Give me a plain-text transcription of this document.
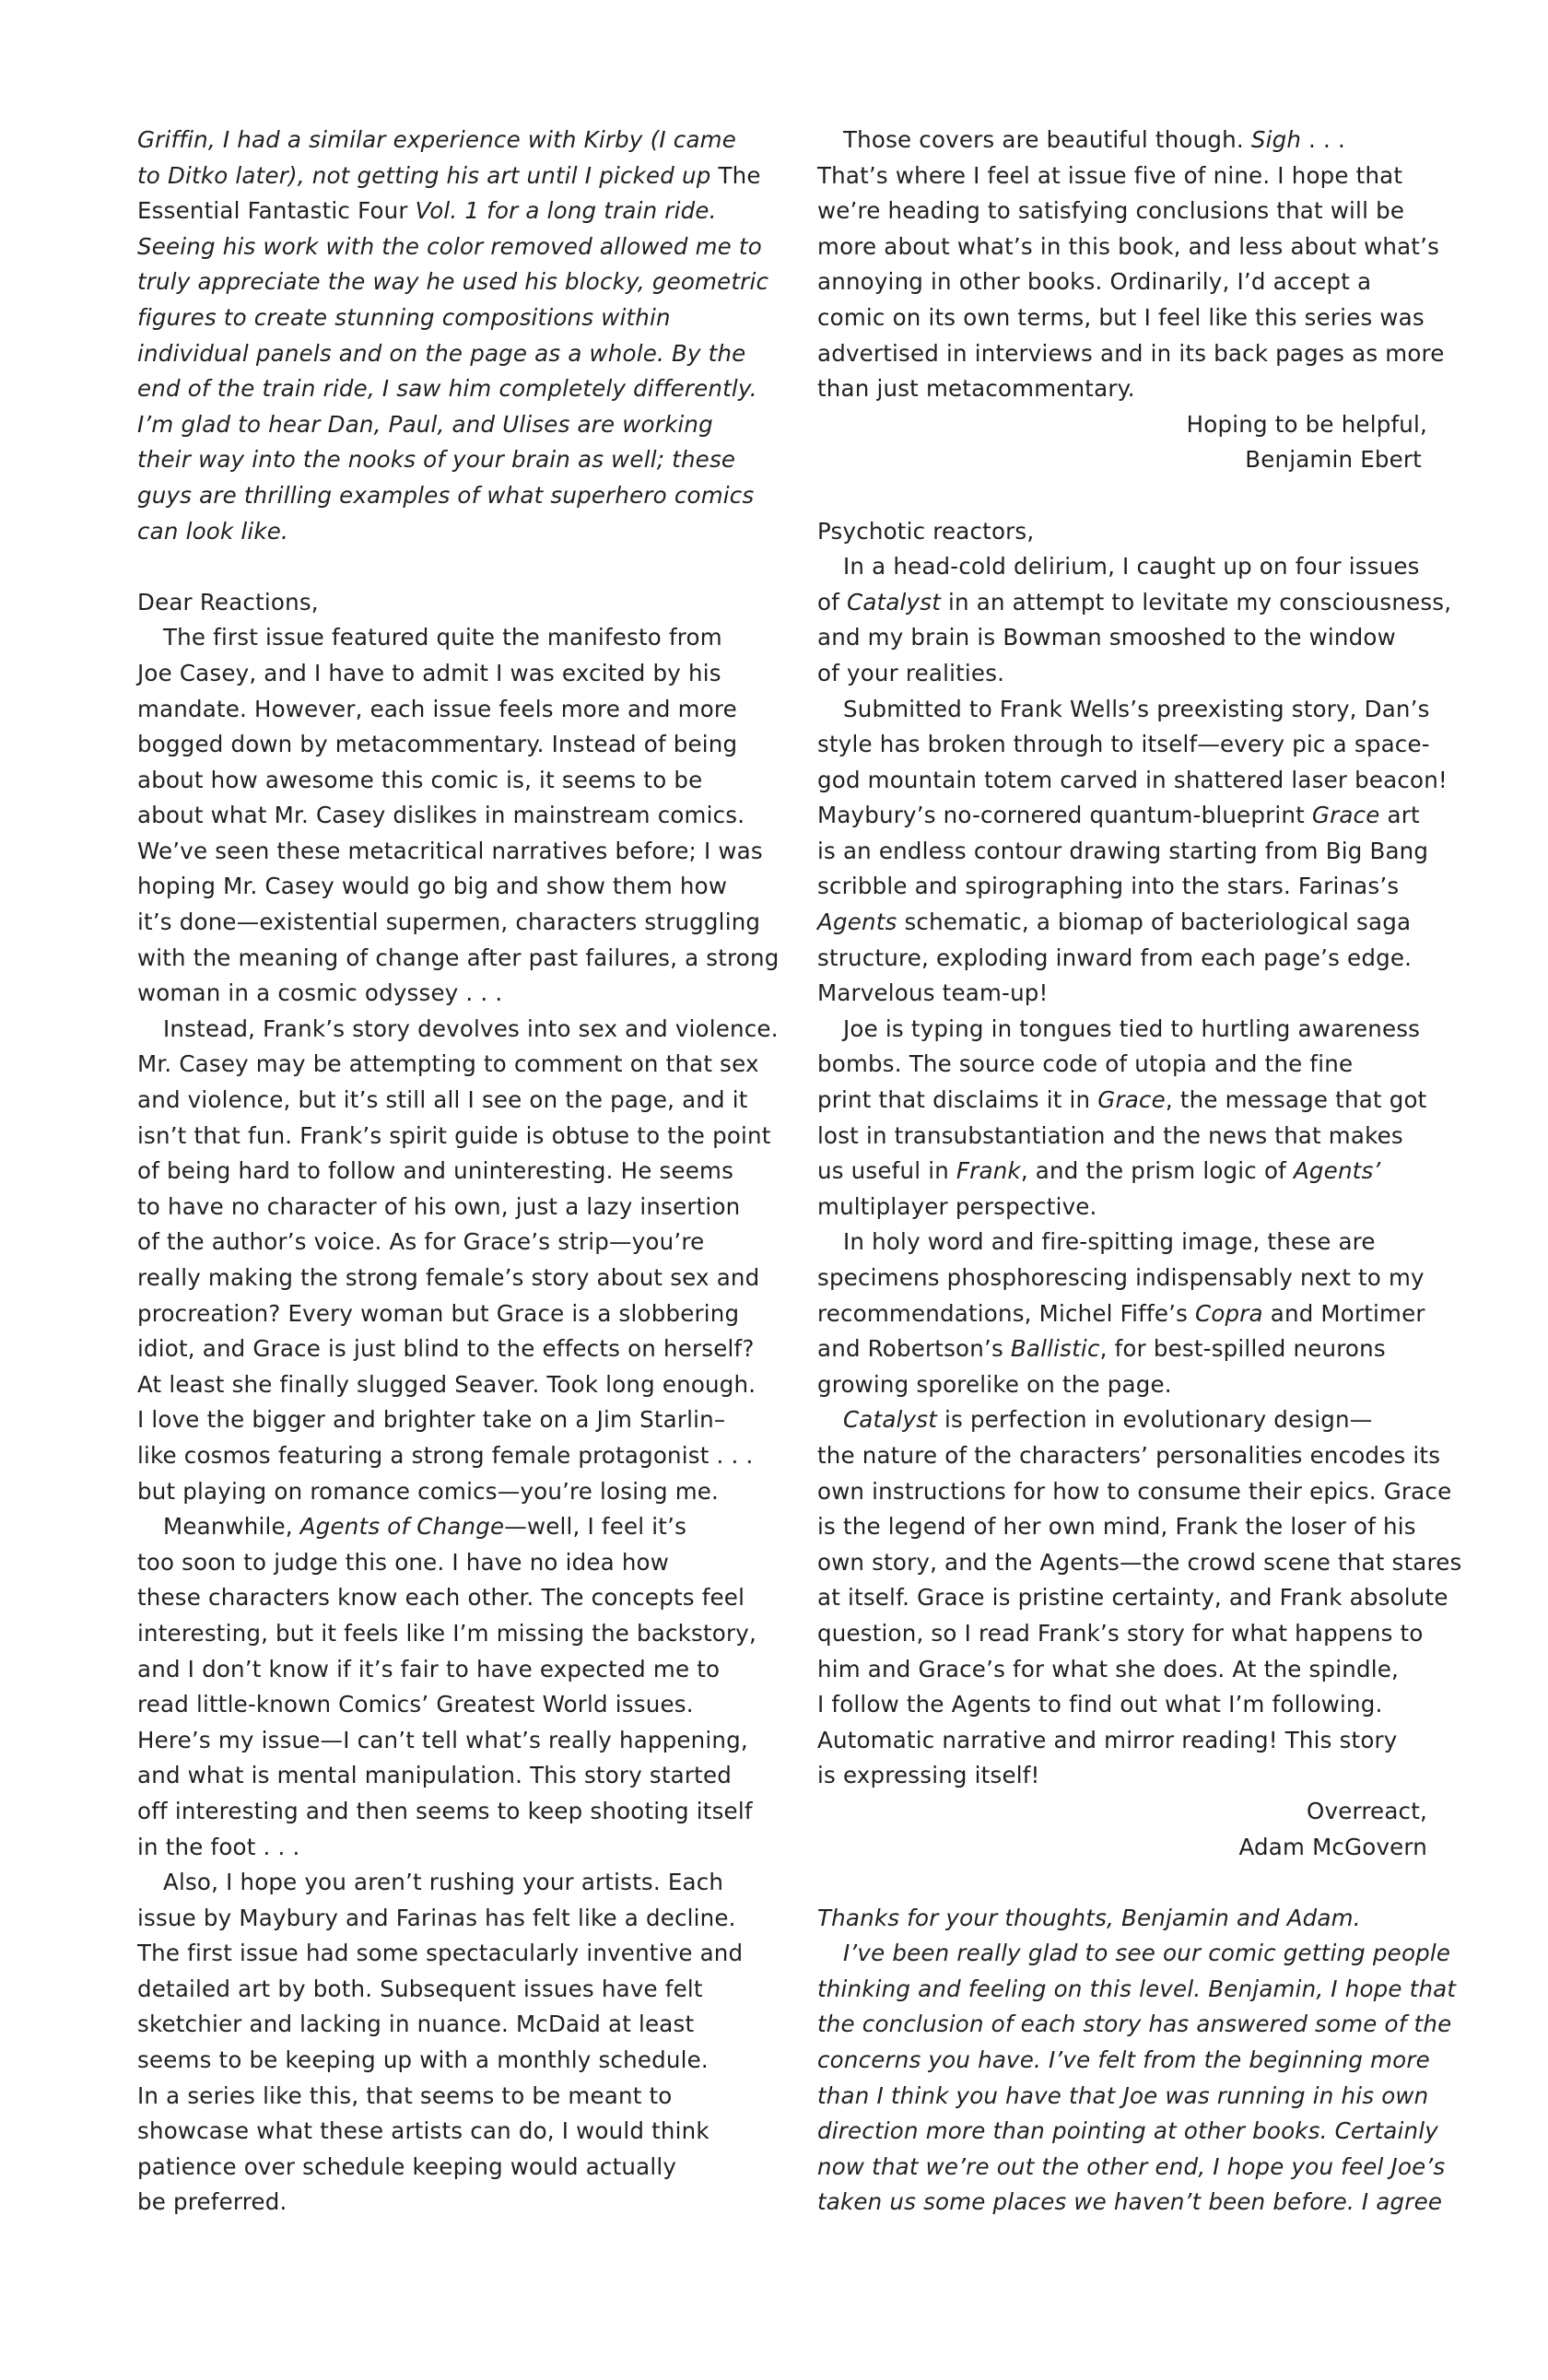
Griffin, I had a similar experience with Kirby (I came
to Ditko later), not getting his art until I picked up The
Essential Fantastic Four Vol. 1 for a long train ride.
Seeing his work with the color removed allowed me to
truly appreciate the way he used his blocky, geometric
figures to create stunning compositions within
individual panels and on the page as a whole. By the
end of the train ride, I saw him completely differently.
I’m glad to hear Dan, Paul, and Ulises are working
their way into the nooks of your brain as well; these
guys are thrilling examples of what superhero comics
can look like.

Dear Reactions,

The first issue featured quite the manifesto from
Joe Casey, and I have to admit I was excited by his
mandate. However, each issue feels more and more
bogged down by metacommentary. Instead of being
about how awesome this comic is, it seems to be
about what Mr. Casey dislikes in mainstream comics.
We’ve seen these metacritical narratives before; I was
hoping Mr. Casey would go big and show them how
it’s done—existential supermen, characters struggling
with the meaning of change after past failures, a strong
woman in a cosmic odyssey . . .

Instead, Frank’s story devolves into sex and violence.
Mr. Casey may be attempting to comment on that sex
and violence, but it’s still all I see on the page, and it
isn’t that fun. Frank’s spirit guide is obtuse to the point
of being hard to follow and uninteresting. He seems
to have no character of his own, just a lazy insertion
of the author’s voice. As for Grace’s strip—you’re
really making the strong female’s story about sex and
procreation? Every woman but Grace is a slobbering
idiot, and Grace is just blind to the effects on herself?
At least she finally slugged Seaver. Took long enough.
I love the bigger and brighter take on a Jim Starlin–
like cosmos featuring a strong female protagonist . . .
but playing on romance comics—you’re losing me.

Meanwhile, Agents of Change—well, I feel it’s
too soon to judge this one. I have no idea how
these characters know each other. The concepts feel
interesting, but it feels like I’m missing the backstory,
and I don’t know if it’s fair to have expected me to
read little-known Comics’ Greatest World issues.
Here’s my issue—I can’t tell what’s really happening,
and what is mental manipulation. This story started
off interesting and then seems to keep shooting itself
in the foot . . .

Also, I hope you aren’t rushing your artists. Each
issue by Maybury and Farinas has felt like a decline.
The first issue had some spectacularly inventive and
detailed art by both. Subsequent issues have felt
sketchier and lacking in nuance. McDaid at least
seems to be keeping up with a monthly schedule.
In a series like this, that seems to be meant to
showcase what these artists can do, I would think
patience over schedule keeping would actually
be preferred.

Those covers are beautiful though. Sigh . . .

That’s where I feel at issue five of nine. I hope that
we’re heading to satisfying conclusions that will be
more about what’s in this book, and less about what’s
annoying in other books. Ordinarily, I’d accept a
comic on its own terms, but I feel like this series was
advertised in interviews and in its back pages as more
than just metacommentary.

Hoping to be helpful,

Benjamin Ebert

Psychotic reactors,

In a head-cold delirium, I caught up on four issues
of Catalyst in an attempt to levitate my consciousness,
and my brain is Bowman smooshed to the window
of your realities.

Submitted to Frank Wells’s preexisting story, Dan’s
style has broken through to itself—every pic a space-
god mountain totem carved in shattered laser beacon!
Maybury’s no-cornered quantum-blueprint Grace art
is an endless contour drawing starting from Big Bang
scribble and spirographing into the stars. Farinas’s
Agents schematic, a biomap of bacteriological saga
structure, exploding inward from each page’s edge.
Marvelous team-up!

Joe is typing in tongues tied to hurtling awareness
bombs. The source code of utopia and the fine
print that disclaims it in Grace, the message that got
lost in transubstantiation and the news that makes
us useful in Frank, and the prism logic of Agents’
multiplayer perspective.

In holy word and fire-spitting image, these are
specimens phosphorescing indispensably next to my
recommendations, Michel Fiffe’s Copra and Mortimer
and Robertson’s Ballistic, for best-spilled neurons
growing sporelike on the page.

Catalyst is perfection in evolutionary design—
the nature of the characters’ personalities encodes its
own instructions for how to consume their epics. Grace
is the legend of her own mind, Frank the loser of his
own story, and the Agents—the crowd scene that stares
at itself. Grace is pristine certainty, and Frank absolute
question, so I read Frank’s story for what happens to
him and Grace’s for what she does. At the spindle,
I follow the Agents to find out what I’m following.
Automatic narrative and mirror reading! This story
is expressing itself!

Overreact,

Adam McGovern

Thanks for your thoughts, Benjamin and Adam.

I’ve been really glad to see our comic getting people
thinking and feeling on this level. Benjamin, I hope that
the conclusion of each story has answered some of the
concerns you have. I’ve felt from the beginning more
than I think you have that Joe was running in his own
direction more than pointing at other books. Certainly
now that we’re out the other end, I hope you feel Joe’s
taken us some places we haven’t been before. I agree
